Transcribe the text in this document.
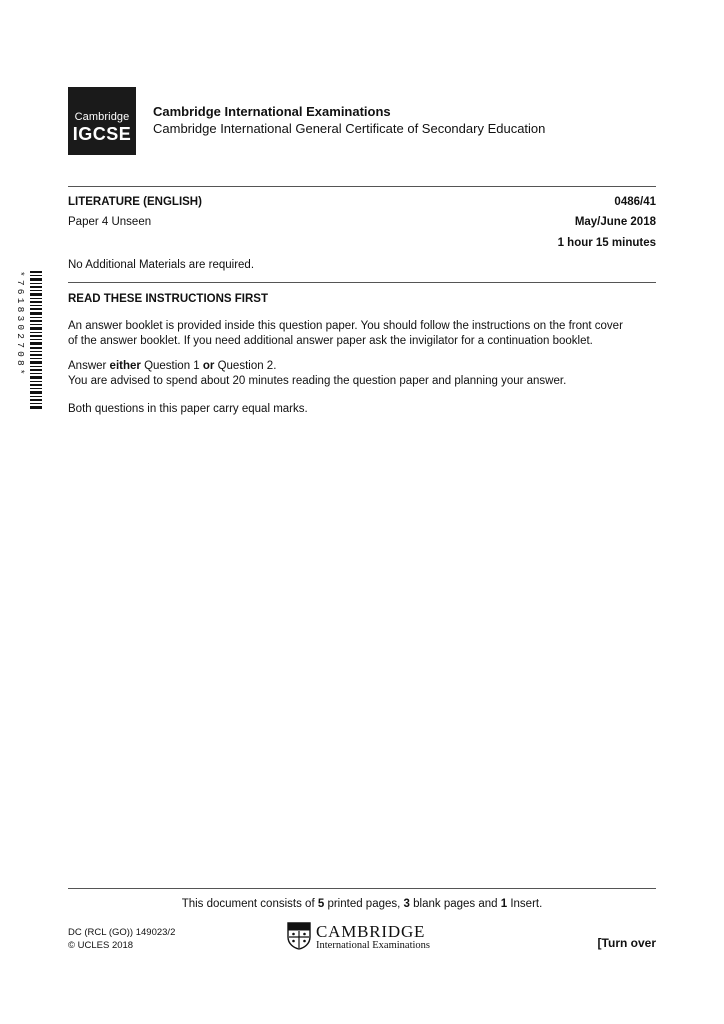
Cambridge
IGCSE
Cambridge International Examinations
Cambridge International General Certificate of Secondary Education
LITERATURE (ENGLISH)	0486/41
Paper 4 Unseen	May/June 2018
1 hour 15 minutes
No Additional Materials are required.
*7618302708*	READ THESE INSTRUCTIONS FIRST
An answer booklet is provided inside this question paper. You should follow the instructions on the front cover
of the answer booklet. If you need additional answer paper ask the invigilator for a continuation booklet.
Answer either Question 1 or Question 2.
You are advised to spend about 20 minutes reading the question paper and planning your answer.
Both questions in this paper carry equal marks.
This document consists of 5 printed pages, 3 blank pages and 1 Insert.
DC (RCL (GO)) 149023/2
© UCLES 2018
CAMBRIDGE
International Examinations	[Turn over
